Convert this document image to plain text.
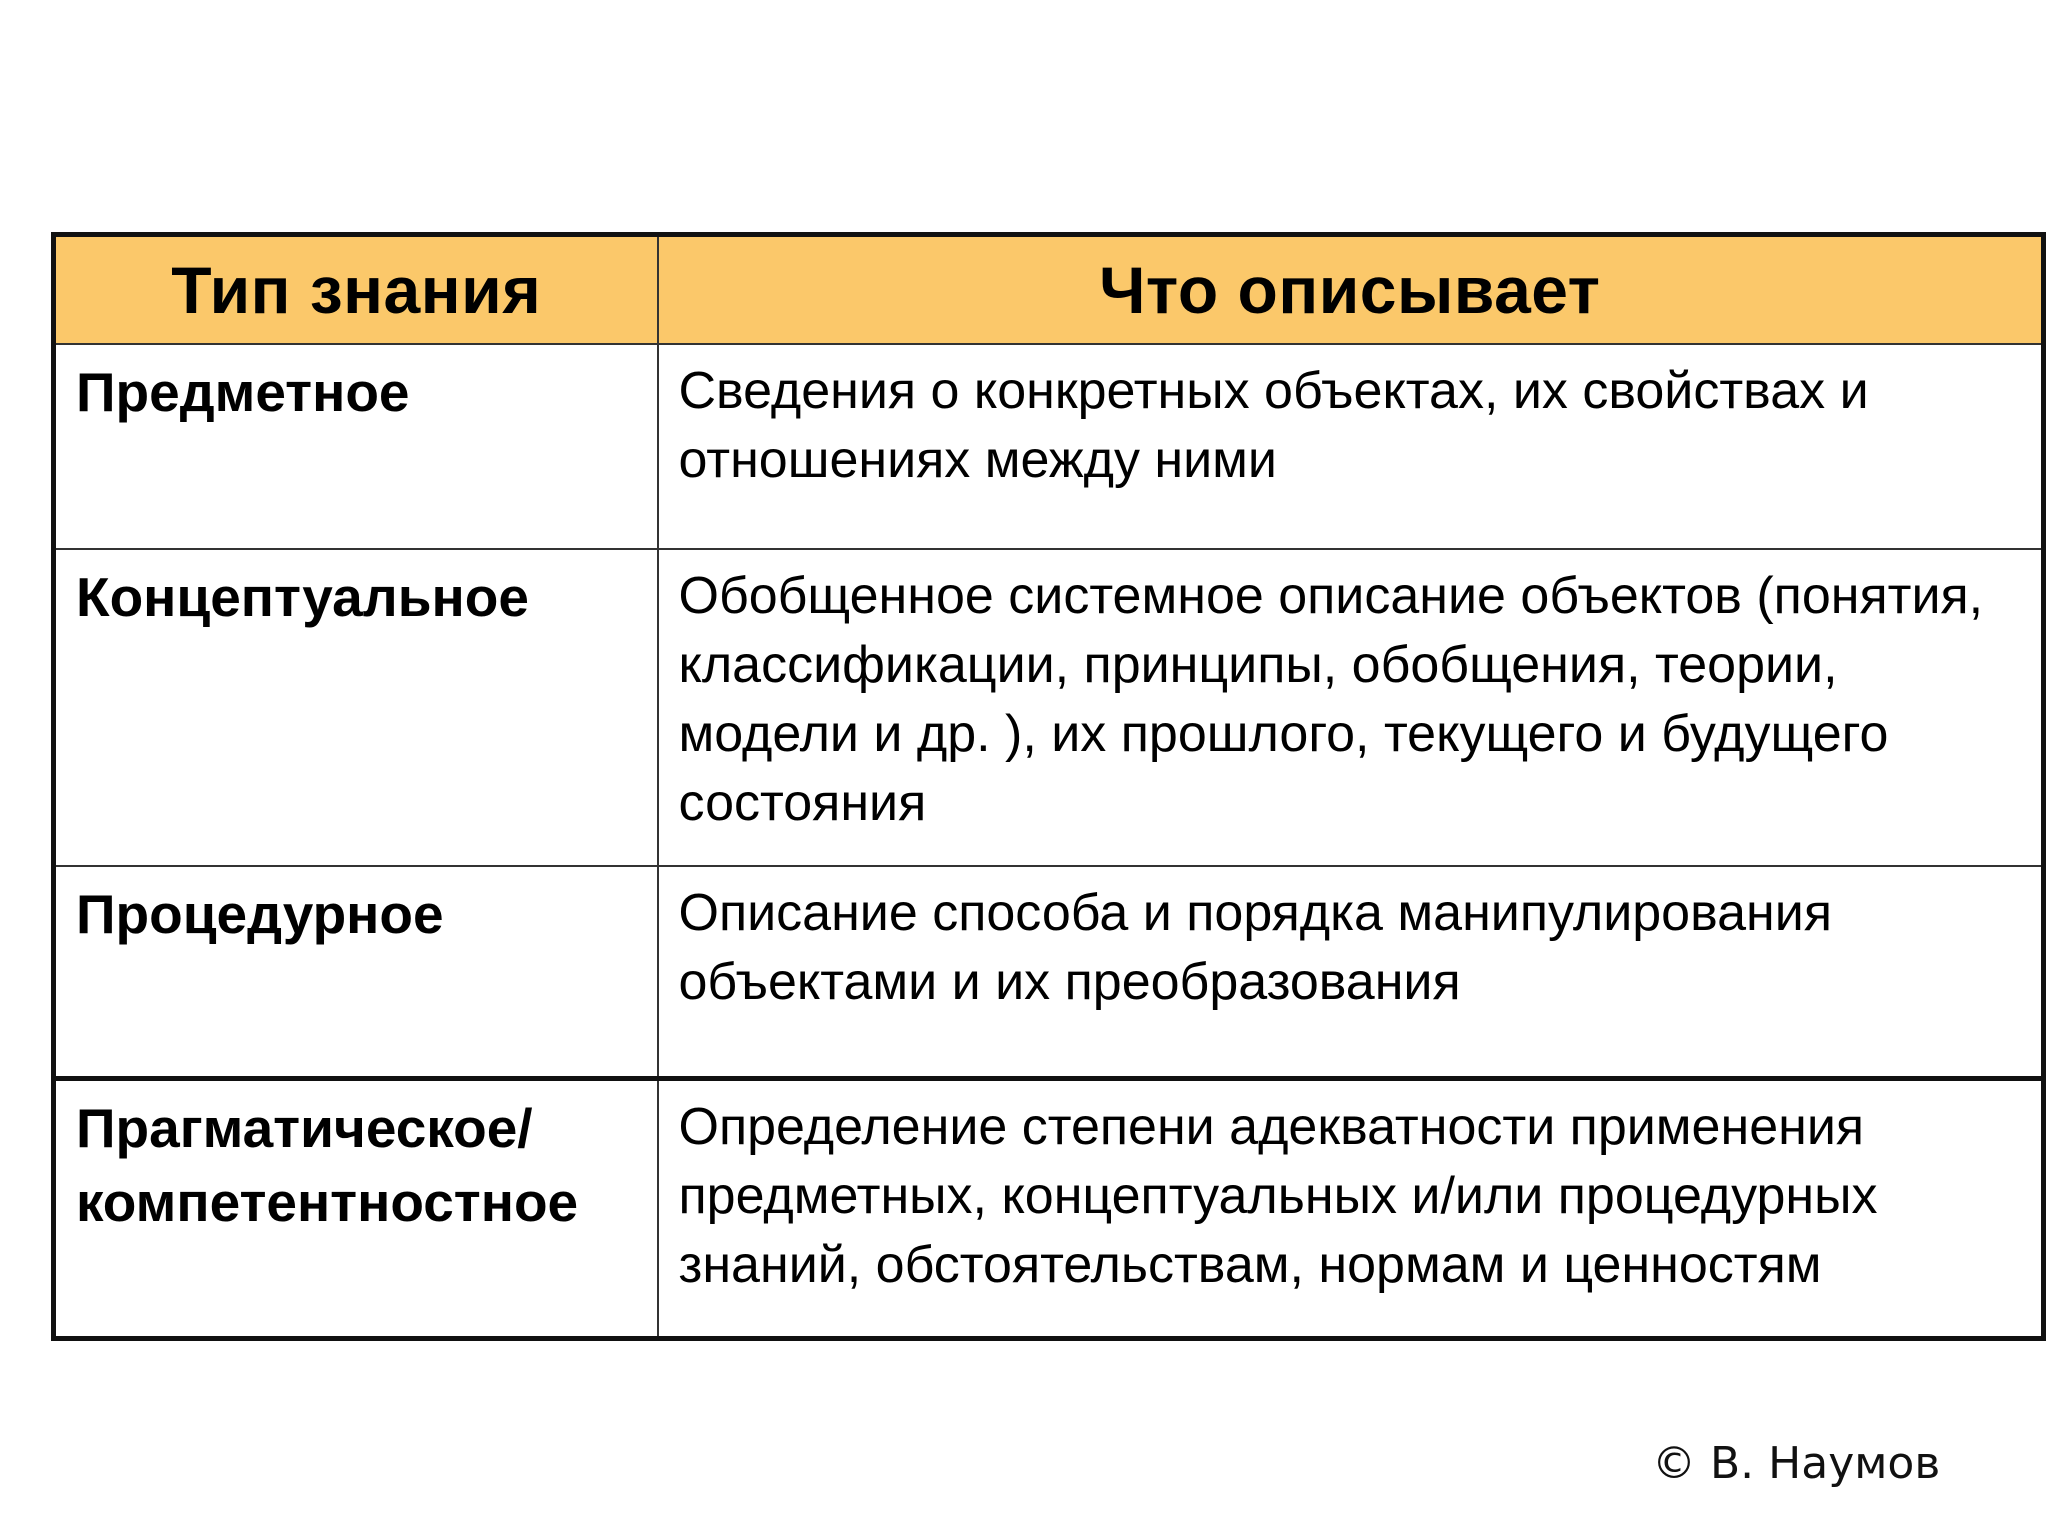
Тип знания	Что описывает
Предметное	Сведения о конкретных объектах, их свойствах и отношениях между ними
Концептуальное	Обобщенное системное описание объектов (понятия, классификации, принципы, обобщения, теории, модели и др. ), их прошлого, текущего и будущего состояния
Процедурное	Описание способа и порядка манипулирования объектами и их преобразования
Прагматическое/ компетентностное	Определение степени адекватности применения предметных, концептуальных и/или процедурных знаний, обстоятельствам, нормам и ценностям
© В. Наумов
